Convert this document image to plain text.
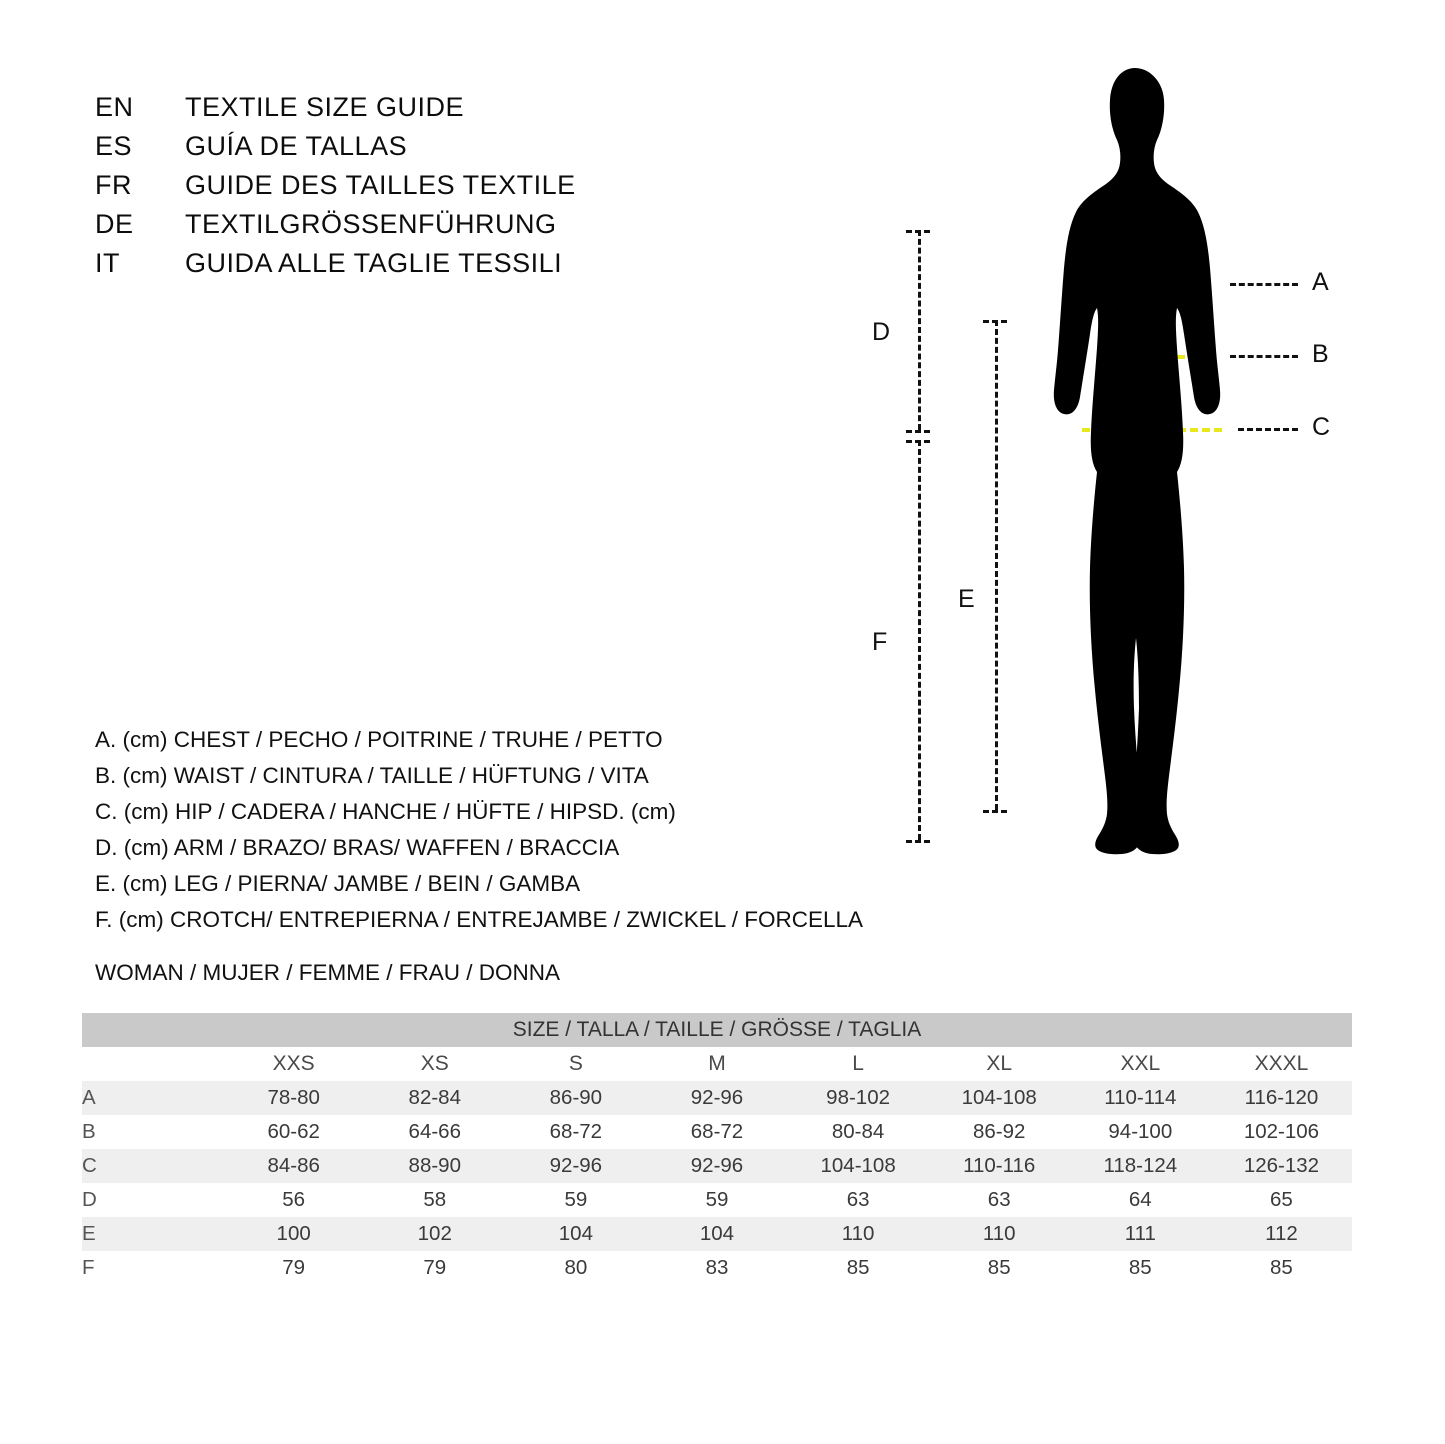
EN	TEXTILE SIZE GUIDE
ES	GUÍA DE TALLAS
FR	GUIDE DES TAILLES TEXTILE
DE	TEXTILGRÖSSENFÜHRUNG
IT	GUIDA ALLE TAGLIE TESSILI
A. (cm) CHEST / PECHO / POITRINE / TRUHE / PETTO
B. (cm) WAIST / CINTURA / TAILLE / HÜFTUNG / VITA
C. (cm) HIP / CADERA / HANCHE / HÜFTE / HIPSD. (cm)
D. (cm) ARM / BRAZO/ BRAS/ WAFFEN / BRACCIA
E. (cm) LEG / PIERNA/ JAMBE / BEIN / GAMBA
F. (cm) CROTCH/ ENTREPIERNA / ENTREJAMBE / ZWICKEL / FORCELLA
WOMAN / MUJER / FEMME / FRAU / DONNA
D
F
E
A
B
C
SIZE / TALLA / TAILLE / GRÖSSE / TAGLIA								
	XXS	XS	S	M	L	XL	XXL	XXXL
A	78-80	82-84	86-90	92-96	98-102	104-108	110-114	116-120
B	60-62	64-66	68-72	68-72	80-84	86-92	94-100	102-106
C	84-86	88-90	92-96	92-96	104-108	110-116	118-124	126-132
D	56	58	59	59	63	63	64	65
E	100	102	104	104	110	110	111	112
F	79	79	80	83	85	85	85	85
